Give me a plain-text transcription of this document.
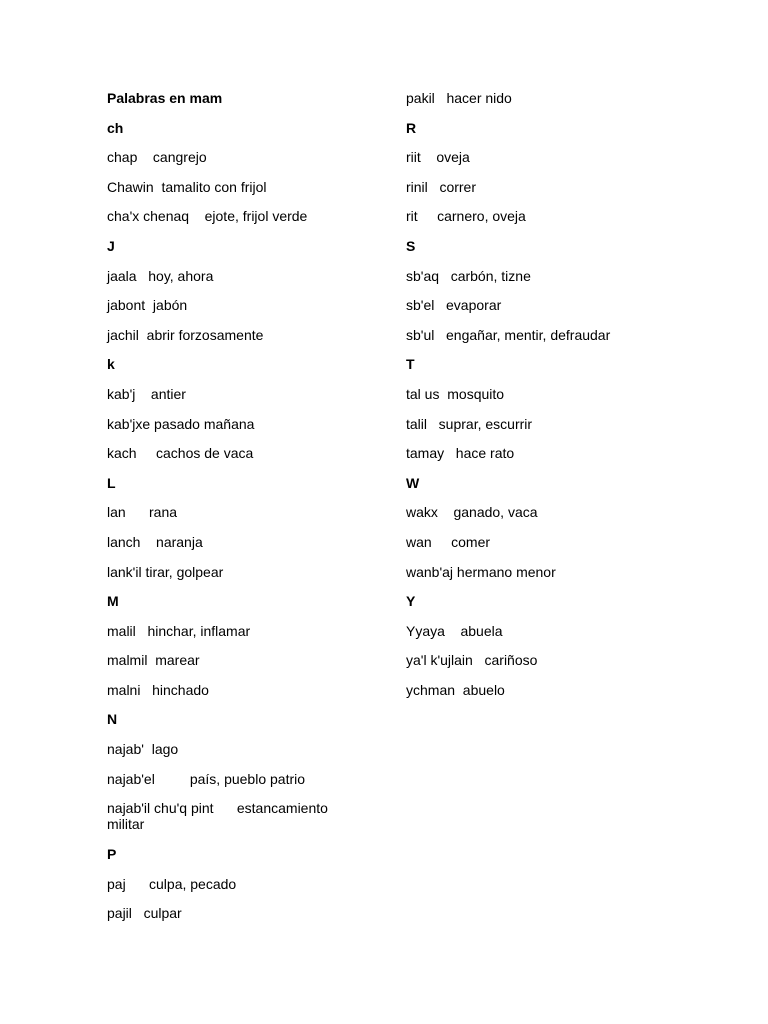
Palabras en mam
ch
chap    cangrejo
Chawin  tamalito con frijol
cha'x chenaq    ejote, frijol verde
J
jaala   hoy, ahora
jabont  jabón
jachil  abrir forzosamente
k
kab'j    antier
kab'jxe pasado mañana
kach     cachos de vaca
L
lan      rana
lanch    naranja
lank'il tirar, golpear
M
malil   hinchar, inflamar
malmil  marear
malni   hinchado
N
najab'  lago
najab'el         país, pueblo patrio
najab'il chu'q pint      estancamiento militar
P
paj      culpa, pecado
pajil   culpar
pakil   hacer nido
R
riit    oveja
rinil   correr
rit     carnero, oveja
S
sb'aq   carbón, tizne
sb'el   evaporar
sb'ul   engañar, mentir, defraudar
T
tal us  mosquito
talil   suprar, escurrir
tamay   hace rato
W
wakx    ganado, vaca
wan     comer
wanb'aj hermano menor
Y
Yyaya    abuela
ya'l k'ujlain   cariñoso
ychman  abuelo
